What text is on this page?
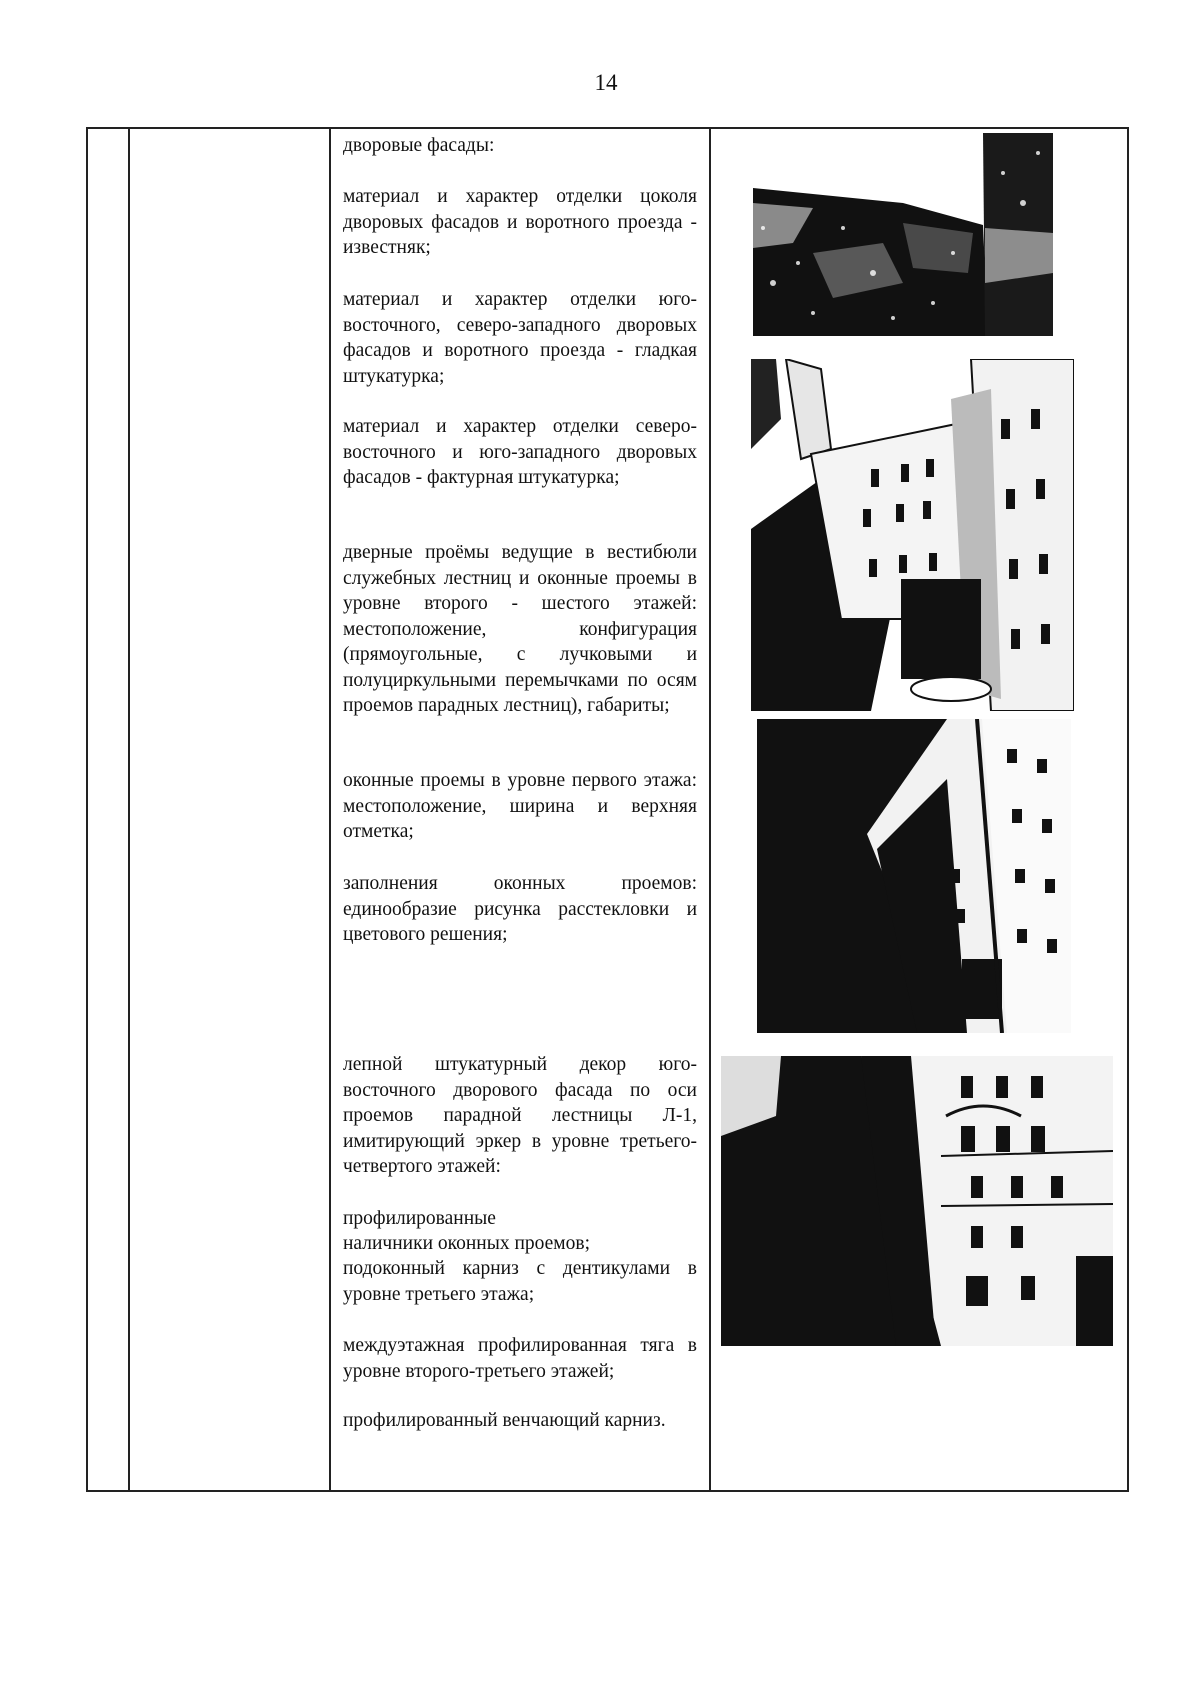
14

дворовые фасады:
материал и характер отделки цоколя дворовых фасадов и воротного проезда - известняк;
материал и характер отделки юго-восточного, северо-западного дворовых фасадов и воротного проезда - гладкая штукатурка;
материал и характер отделки северо-восточного и юго-западного дворовых фасадов - фактурная штукатурка;
дверные проёмы ведущие в вестибюли служебных лестниц и оконные проемы в уровне второго - шестого этажей: местоположение, конфигурация (прямоугольные, с лучковыми и полуциркульными перемычками по осям проемов парадных лестниц), габариты;
оконные проемы в уровне первого этажа: местоположение, ширина и верхняя отметка;
заполнения оконных проемов: единообразие рисунка расстекловки и цветового решения;
лепной штукатурный декор юго-восточного дворового фасада по оси проемов парадной лестницы Л-1, имитирующий эркер в уровне третьего-четвертого этажей:
профилированные
наличники оконных проемов;
подоконный карниз с дентикулами в уровне третьего этажа;
междуэтажная профилированная тяга в уровне второго-третьего этажей;
профилированный венчающий карниз.
